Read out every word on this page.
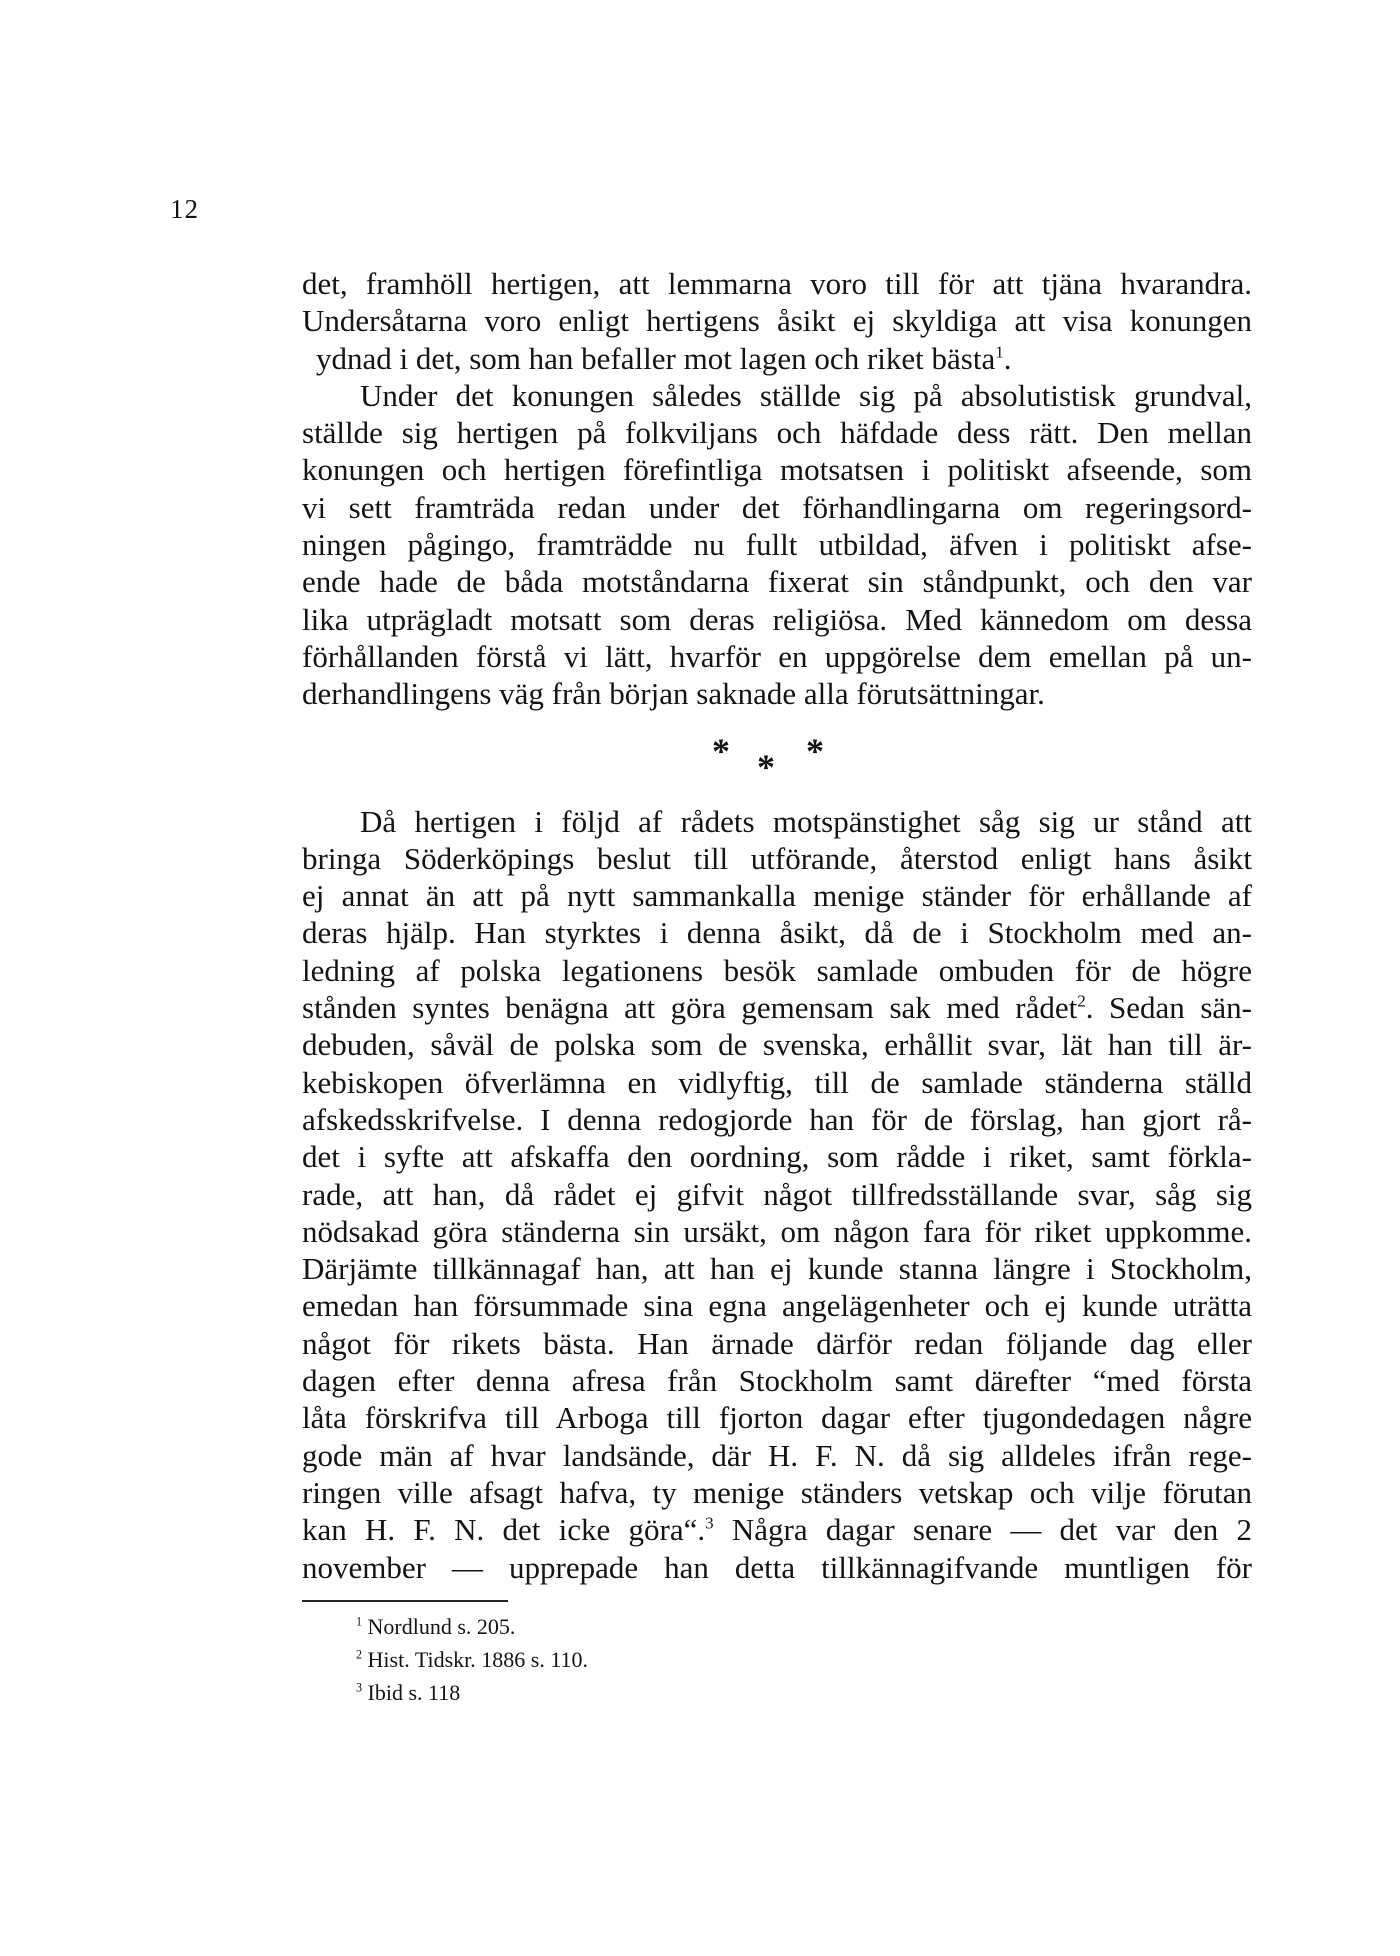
12
det, framhöll hertigen, att lemmarna voro till för att tjäna hvarandra.
Undersåtarna voro enligt hertigens åsikt ej skyldiga att visa konungen
ydnad i det, som han befaller mot lagen och riket bästa$^1$.
Under det konungen således ställde sig på absolutistisk grundval,
ställde sig hertigen på folkviljans och häfdade dess rätt. Den mellan
konungen och hertigen förefintliga motsatsen i politiskt afseende, som
vi sett framträda redan under det förhandlingarna om regeringsord-
ningen pågingo, framträdde nu fullt utbildad, äfven i politiskt afse-
ende hade de båda motståndarna fixerat sin ståndpunkt, och den var
lika utprägladt motsatt som deras religiösa. Med kännedom om dessa
förhållanden förstå vi lätt, hvarför en uppgörelse dem emellan på un-
derhandlingens väg från början saknade alla förutsättningar.
* * *
Då hertigen i följd af rådets motspänstighet såg sig ur stånd att
bringa Söderköpings beslut till utförande, återstod enligt hans åsikt
ej annat än att på nytt sammankalla menige ständer för erhållande af
deras hjälp. Han styrktes i denna åsikt, då de i Stockholm med an-
ledning af polska legationens besök samlade ombuden för de högre
stånden syntes benägna att göra gemensam sak med rådet$^2$. Sedan sän-
debuden, såväl de polska som de svenska, erhållit svar, lät han till är-
kebiskopen öfverlämna en vidlyftig, till de samlade ständerna ställd
afskedsskrifvelse. I denna redogjorde han för de förslag, han gjort rå-
det i syfte att afskaffa den oordning, som rådde i riket, samt förkla-
rade, att han, då rådet ej gifvit något tillfredsställande svar, såg sig
nödsakad göra ständerna sin ursäkt, om någon fara för riket uppkomme.
Därjämte tillkännagaf han, att han ej kunde stanna längre i Stockholm,
emedan han försummade sina egna angelägenheter och ej kunde uträtta
något för rikets bästa. Han ärnade därför redan följande dag eller
dagen efter denna afresa från Stockholm samt därefter “med första
låta förskrifva till Arboga till fjorton dagar efter tjugondedagen någre
gode män af hvar landsände, där H. F. N. då sig alldeles ifrån rege-
ringen ville afsagt hafva, ty menige ständers vetskap och vilje förutan
kan H. F. N. det icke göra“.$^3$ Några dagar senare — det var den 2
november — upprepade han detta tillkännagifvande muntligen för
$^1$ Nordlund s. 205.
$^2$ Hist. Tidskr. 1886 s. 110.
$^3$ Ibid s. 118
